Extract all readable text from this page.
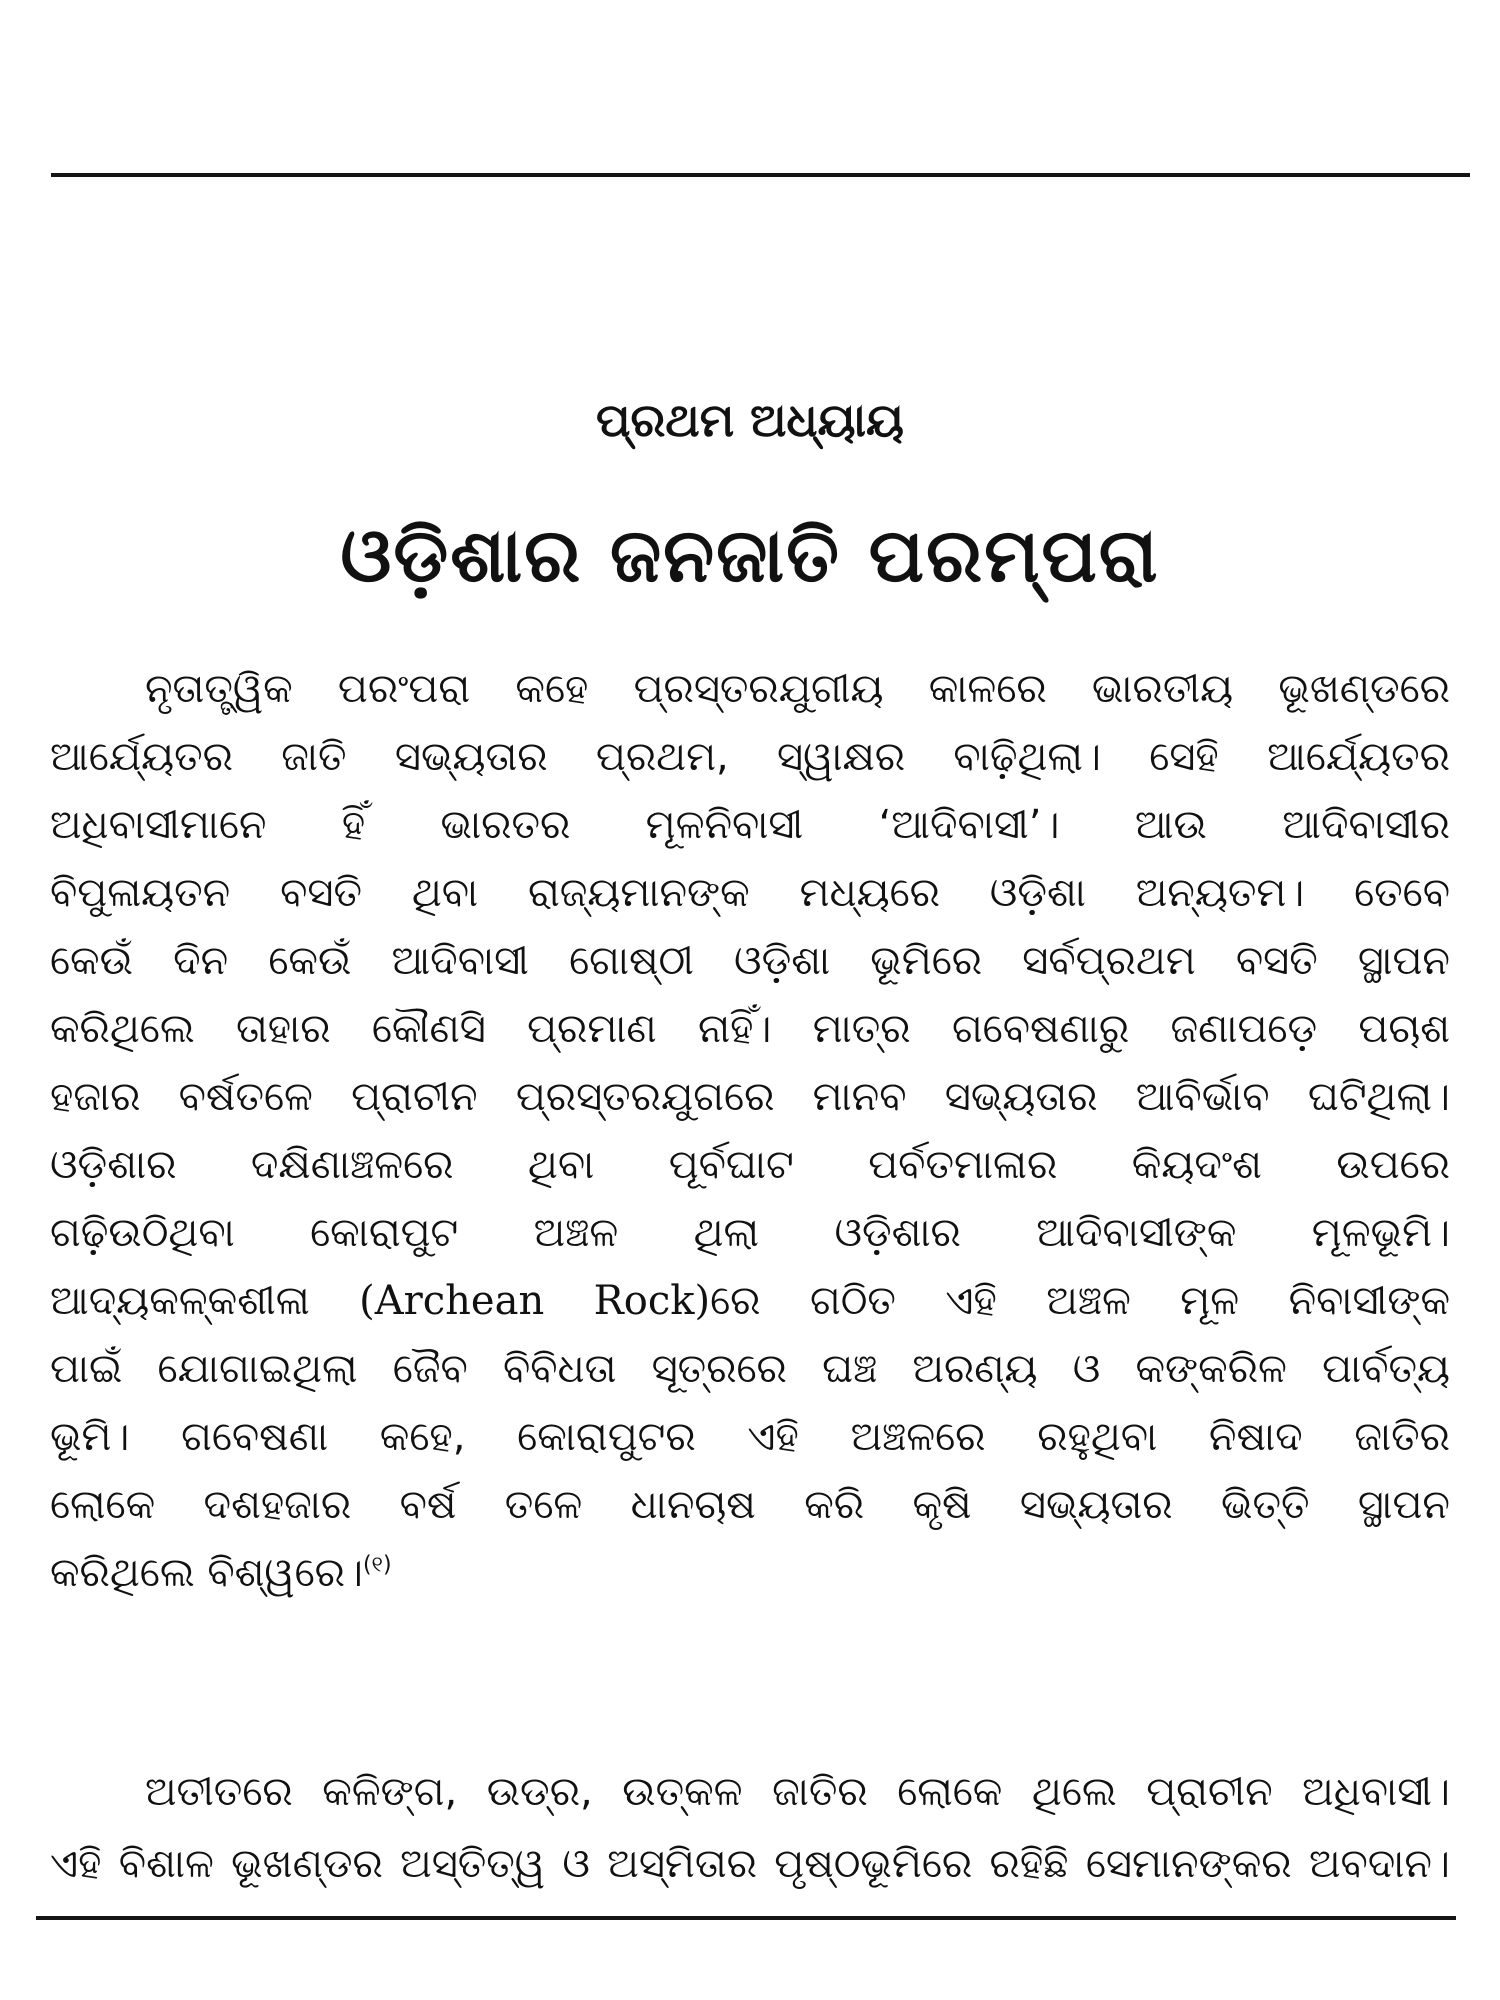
ପ୍ରଥମ ଅଧ୍ୟାୟ
ଓଡ଼ିଶାର ଜନଜାତି ପରମ୍ପରା
ନୃତାତ୍ତ୍ୱିକ ପରଂପରା କହେ ପ୍ରସ୍ତରଯୁଗୀୟ କାଳରେ ଭାରତୀୟ ଭୂଖଣ୍ଡରେ
ଆର୍ଯ୍ୟେତର ଜାତି ସଭ୍ୟତାର ପ୍ରଥମ, ସ୍ୱାକ୍ଷର ବାଢ଼ିଥିଲା। ସେହି ଆର୍ଯ୍ୟେତର
ଅଧିବାସୀମାନେ ହିଁ ଭାରତର ମୂଳନିବାସୀ ‘ଆଦିବାସୀ’। ଆଉ ଆଦିବାସୀର
ବିପୁଳାୟତନ ବସତି ଥିବା ରାଜ୍ୟମାନଙ୍କ ମଧ୍ୟରେ ଓଡ଼ିଶା ଅନ୍ୟତମ। ତେବେ
କେଉଁ ଦିନ କେଉଁ ଆଦିବାସୀ ଗୋଷ୍ଠୀ ଓଡ଼ିଶା ଭୂମିରେ ସର୍ବପ୍ରଥମ ବସତି ସ୍ଥାପନ
କରିଥିଲେ ତାହାର କୌଣସି ପ୍ରମାଣ ନାହିଁ। ମାତ୍ର ଗବେଷଣାରୁ ଜଣାପଡ଼େ ପଚାଶ
ହଜାର ବର୍ଷତଳେ ପ୍ରାଚୀନ ପ୍ରସ୍ତରଯୁଗରେ ମାନବ ସଭ୍ୟତାର ଆବିର୍ଭାବ ଘଟିଥିଲା।
ଓଡ଼ିଶାର ଦକ୍ଷିଣାଞ୍ଚଳରେ ଥିବା ପୂର୍ବଘାଟ ପର୍ବତମାଳାର କିୟଦଂଶ ଉପରେ
ଗଢ଼ିଉଠିଥିବା କୋରାପୁଟ ଅଞ୍ଚଳ ଥିଲା ଓଡ଼ିଶାର ଆଦିବାସୀଙ୍କ ମୂଳଭୂମି।
ଆଦ୍ୟକଳ୍କଶୀଳା (Archean Rock)ରେ ଗଠିତ ଏହି ଅଞ୍ଚଳ ମୂଳ ନିବାସୀଙ୍କ
ପାଇଁ ଯୋଗାଇଥିଲା ଜୈବ ବିବିଧତା ସୂତ୍ରରେ ଘଞ୍ଚ ଅରଣ୍ୟ ଓ କଙ୍କରିଳ ପାର୍ବତ୍ୟ
ଭୂମି। ଗବେଷଣା କହେ, କୋରାପୁଟର ଏହି ଅଞ୍ଚଳରେ ରହୁଥିବା ନିଷାଦ ଜାତିର
ଲୋକେ ଦଶହଜାର ବର୍ଷ ତଳେ ଧାନଚାଷ କରି କୃଷି ସଭ୍ୟତାର ଭିତ୍ତି ସ୍ଥାପନ
କରିଥିଲେ ବିଶ୍ୱରେ।$^{(୧)}$
ଅତୀତରେ କଳିଙ୍ଗ, ଉଡ୍ର, ଉତ୍କଳ ଜାତିର ଲୋକେ ଥିଲେ ପ୍ରାଚୀନ ଅଧିବାସୀ।
ଏହି ବିଶାଳ ଭୂଖଣ୍ଡର ଅସ୍ତିତ୍ୱ ଓ ଅସ୍ମିତାର ପୃଷ୍ଠଭୂମିରେ ରହିଛି ସେମାନଙ୍କର ଅବଦାନ।
